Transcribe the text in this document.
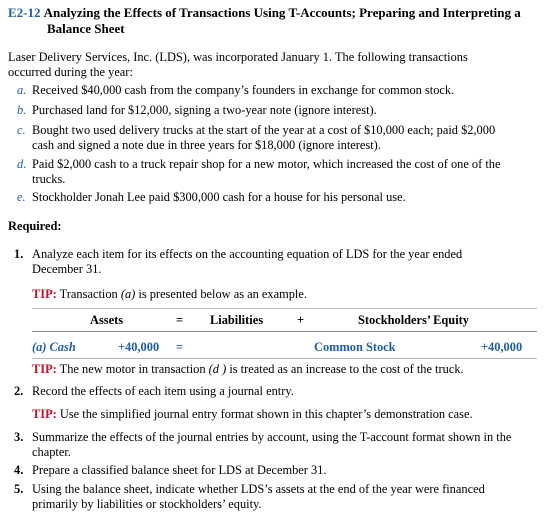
E2-12 Analyzing the Effects of Transactions Using T-Accounts; Preparing and Interpreting a
Balance Sheet
Laser Delivery Services, Inc. (LDS), was incorporated January 1. The following transactions
occurred during the year:
a. Received $40,000 cash from the company’s founders in exchange for common stock.
b. Purchased land for $12,000, signing a two-year note (ignore interest).
c. Bought two used delivery trucks at the start of the year at a cost of $10,000 each; paid $2,000
cash and signed a note due in three years for $18,000 (ignore interest).
d. Paid $2,000 cash to a truck repair shop for a new motor, which increased the cost of one of the
trucks.
e. Stockholder Jonah Lee paid $300,000 cash for a house for his personal use.
Required:
1. Analyze each item for its effects on the accounting equation of LDS for the year ended
December 31.
TIP: Transaction (a) is presented below as an example.
Assets	= Liabilities	+	Stockholders’ Equity
(a) Cash	+40,000 =	Common Stock	+40,000
TIP: The new motor in transaction (d ) is treated as an increase to the cost of the truck.
2. Record the effects of each item using a journal entry.
TIP: Use the simplified journal entry format shown in this chapter’s demonstration case.
3. Summarize the effects of the journal entries by account, using the T-account format shown in the
chapter.
4. Prepare a classified balance sheet for LDS at December 31.
5. Using the balance sheet, indicate whether LDS’s assets at the end of the year were financed
primarily by liabilities or stockholders’ equity.
